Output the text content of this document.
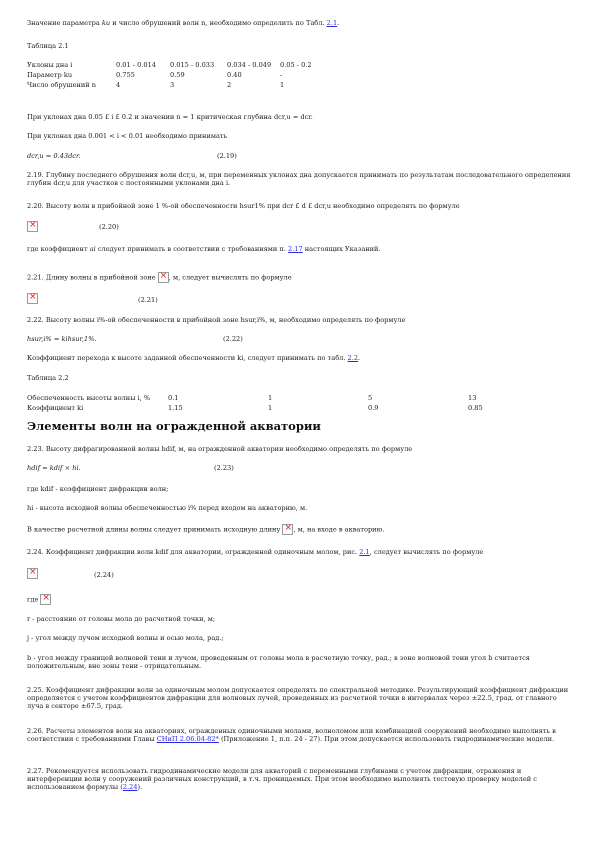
Значение параметра ku и число обрушений волн n, необходимо определить по Табл. 2.1.
Таблица 2.1
Уклоны дна i	0.01 - 0.014	0.015 - 0.033	0.034 - 0.049	0.05 - 0.2
Параметр ku	0.755	0.59	0.40	-
Число обрушений n	4	3	2	1
При уклонах дна 0.05 £ i £ 0.2 и значении n = 1 критическая глубина dcr,u = dcr.
При уклонах дна 0.001 < i < 0.01 необходимо принимать
dcr,u = 0.43dcr.	(2.19)
2.19. Глубину последнего обрушения волн dcr,u, м, при переменных уклонах дна допускается принимать по результатам последовательного определения глубин dcr,u для участков с постоянными уклонами дна i.
2.20. Высоту волн в прибойной зоне 1 %-ой обеспеченности hsur1% при dcr £ d £ dcr,u необходимо определять по формуле
×
(2.20)
где коэффициент ai следует принимать в соответствии с требованиями п. 2.17 настоящих Указаний.
2.21. Длину волны в прибойной зоне ×, м, следует вычислять по формуле
×
(2.21)
2.22. Высоту волны i%-ой обеспеченности в прибойной зоне hsur,i%, м, необходимо определять по формуле
hsur,i% = kihsur,1%.	(2.22)
Коэффициент перехода к высоте заданной обеспеченности ki, следует принимать по табл. 2.2.
Таблица 2.2
Обеспеченность высоты волны i, %	0.1	1	5	13
Коэффициент ki	1.15	1	0.9	0.85
Элементы волн на огражденной акватории
2.23. Высоту дифрагированной волны hdif, м, на огражденной акватории необходимо определять по формуле
hdif = kdif × hi.	(2.23)
где kdif - коэффициент дифракции волн;
hi - высота исходной волны обеспеченностью i% перед входом на акваторию, м.
В качестве расчетной длины волны следует принимать исходную длину ×, м, на входе в акваторию.
2.24. Коэффициент дифракции волн kdif для акватории, огражденной одиночным молом, рис. 2.1, следует вычислять по формуле
×
(2.24)
где×
r - расстояние от головы мола до расчетной точки, м;
j - угол между лучом исходной волны и осью мола, рад.;
b - угол между границей волновой тени и лучом, проведенным от головы мола в расчетную точку, рад.; в зоне волновой тени угол b считается положительным, вне зоны тени - отрицательным.
2.25. Коэффициент дифракции волн за одиночным молом допускается определять по спектральной методике. Результирующий коэффициент дифракции определяется с учетом коэффициентов дифракции для волновых лучей, проведенных из расчетной точки в интервалах через ±22.5, град. от главного луча в секторе ±67.5, град.
2.26. Расчеты элементов волн на акваториях, огражденных одиночными молами, волноломом или комбинацией сооружений необходимо выполнять в соответствии с требованиями Главы СНиП 2.06.04-82* (Приложение 1, п.п. 24 - 27). При этом допускается использовать гидродинамические модели.
2.27. Рекомендуется использовать гидродинамические модели для акваторий с переменными глубинами с учетом дифракции, отражения и интерференции волн у сооружений различных конструкций, в т.ч. проницаемых. При этом необходимо выполнять тестовую проверку моделей с использованием формулы (2.24).
